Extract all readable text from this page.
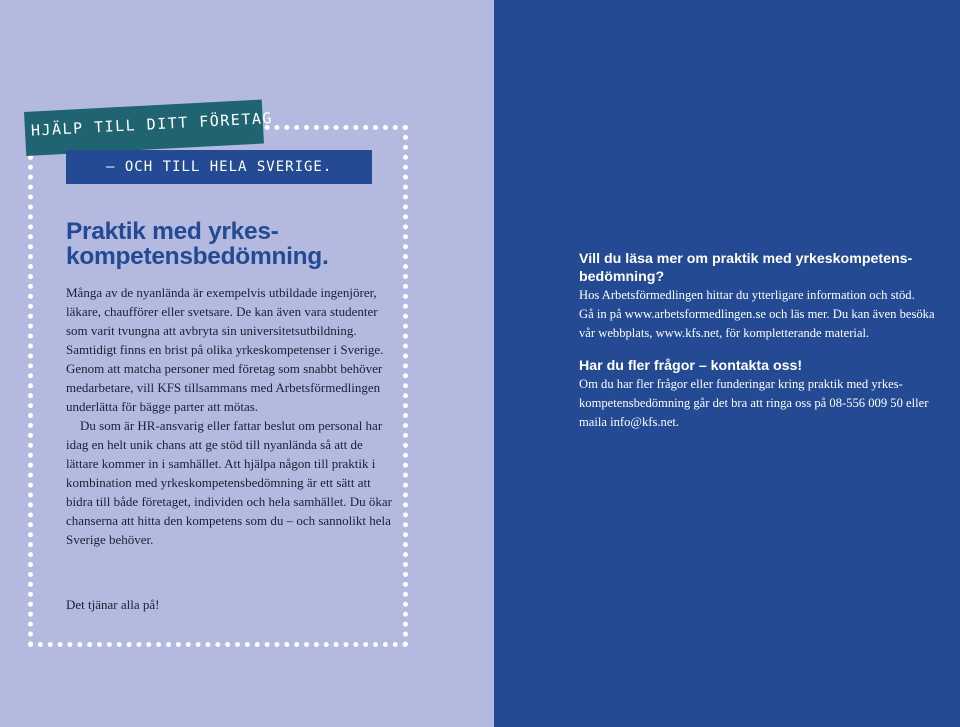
HJÄLP TILL DITT FÖRETAG
– OCH TILL HELA SVERIGE.
Praktik med yrkes-
kompetensbedömning.

Många av de nyanlända är exempelvis utbildade ingenjörer, läkare, chaufförer eller svetsare. De kan även vara studenter som varit tvungna att avbryta sin universitetsutbildning. Samtidigt finns en brist på olika yrkeskompetenser i Sverige. Genom att matcha personer med företag som snabbt behöver medarbetare, vill KFS tillsammans med Arbetsförmedlingen underlätta för bägge parter att mötas.

Du som är HR-ansvarig eller fattar beslut om personal har idag en helt unik chans att ge stöd till nyanlända så att de lättare kommer in i samhället. Att hjälpa någon till praktik i kombination med yrkeskompetensbedömning är ett sätt att bidra till både företaget, individen och hela samhället. Du ökar chanserna att hitta den kompetens som du – och sannolikt hela Sverige behöver.

Det tjänar alla på!

Vill du läsa mer om praktik med yrkeskompetens-
bedömning?

Hos Arbetsförmedlingen hittar du ytterligare information och stöd.
Gå in på www.arbetsformedlingen.se och läs mer. Du kan även besöka
vår webbplats, www.kfs.net, för kompletterande material.

Har du fler frågor – kontakta oss!

Om du har fler frågor eller funderingar kring praktik med yrkes-
kompetensbedömning går det bra att ringa oss på 08-556 009 50 eller
maila info@kfs.net.
